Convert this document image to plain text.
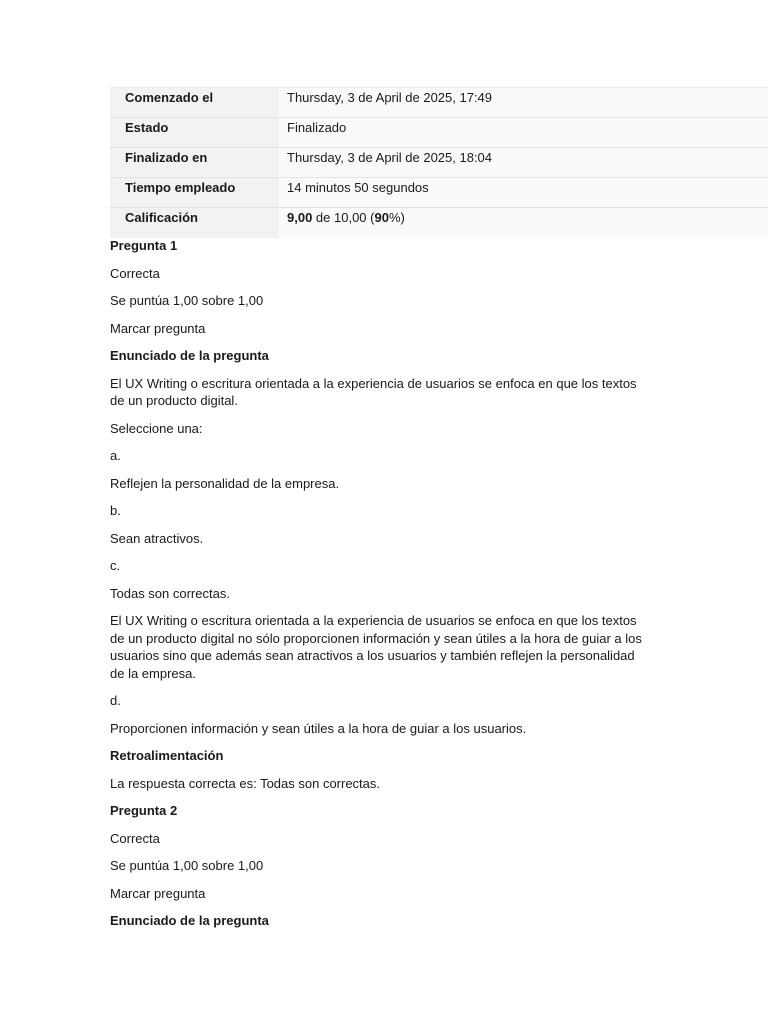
Comenzado el	Thursday, 3 de April de 2025, 17:49
Estado	Finalizado
Finalizado en	Thursday, 3 de April de 2025, 18:04
Tiempo empleado	14 minutos 50 segundos
Calificación	9,00 de 10,00 (90%)

Pregunta 1

Correcta

Se puntúa 1,00 sobre 1,00

Marcar pregunta

Enunciado de la pregunta

El UX Writing o escritura orientada a la experiencia de usuarios se enfoca en que los textos de un producto digital.

Seleccione una:

a.

Reflejen la personalidad de la empresa.

b.

Sean atractivos.

c.

Todas son correctas.

El UX Writing o escritura orientada a la experiencia de usuarios se enfoca en que los textos de un producto digital no sólo proporcionen información y sean útiles a la hora de guiar a los usuarios sino que además sean atractivos a los usuarios y también reflejen la personalidad de la empresa.

d.

Proporcionen información y sean útiles a la hora de guiar a los usuarios.

Retroalimentación

La respuesta correcta es: Todas son correctas.

Pregunta 2

Correcta

Se puntúa 1,00 sobre 1,00

Marcar pregunta

Enunciado de la pregunta
